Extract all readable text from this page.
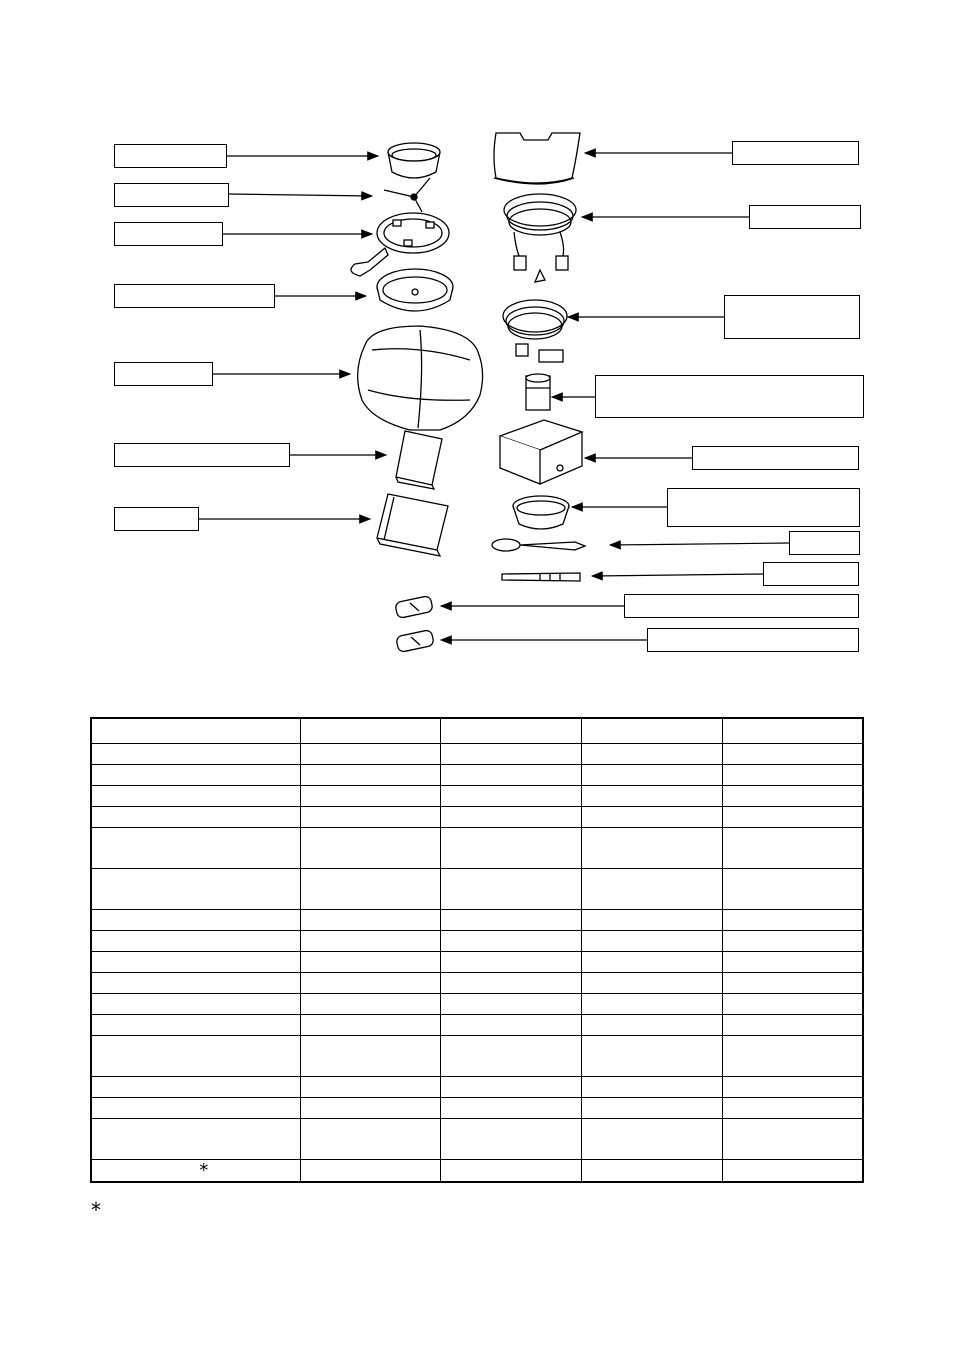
*				
*
